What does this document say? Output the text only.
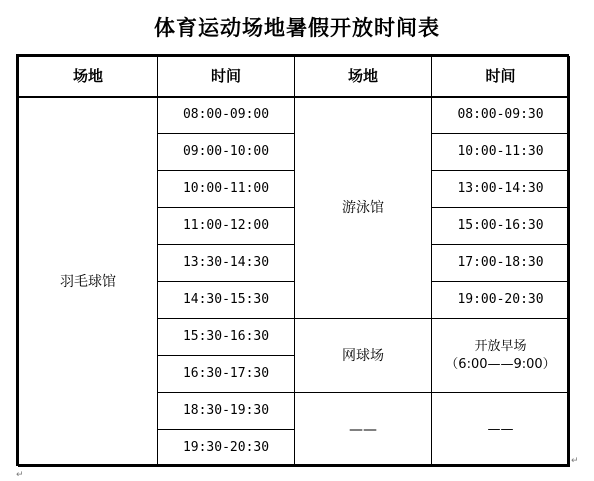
体育运动场地暑假开放时间表
场地	时间	场地	时间
羽毛球馆	08:00-09:00	游泳馆	08:00-09:30
	09:00-10:00		10:00-11:30
	10:00-11:00		13:00-14:30
	11:00-12:00		15:00-16:30
	13:30-14:30		17:00-18:30
	14:30-15:30		19:00-20:30
	15:30-16:30	网球场	开放早场
（6:00——9:00）

	16:30-17:30		
	18:30-19:30	——	——
	19:30-20:30		
↵
↵
